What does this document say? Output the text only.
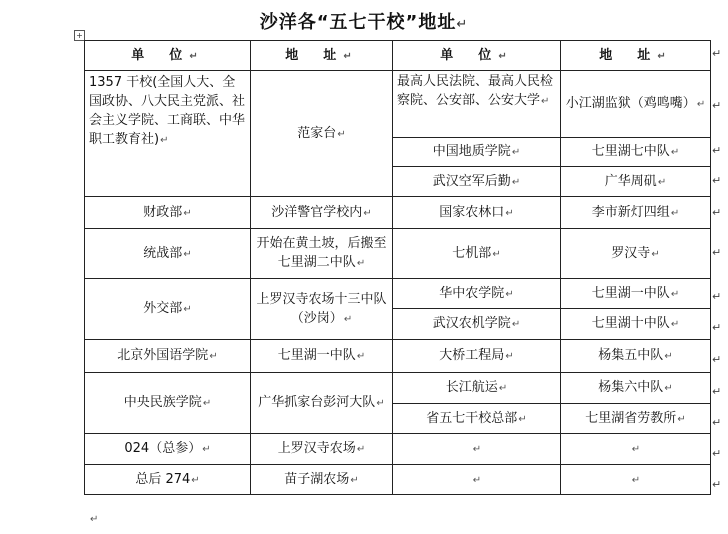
沙洋各“五七干校”地址↵
+
单　位↵	地　址↵	单　位↵	地　址↵
1357 干校(全国人大、全国政协、八大民主党派、社会主义学院、工商联、中华职工教育社)↵	范家台↵	最高人民法院、最高人民检察院、公安部、公安大学↵	小江湖监狱（鸡鸣嘴）↵
		中国地质学院↵	七里湖七中队↵
		武汉空军后勤↵	广华周矶↵
财政部↵	沙洋警官学校内↵	国家农林口↵	李市新灯四组↵
统战部↵	开始在黄土坡，后搬至七里湖二中队↵	七机部↵	罗汉寺↵
外交部↵	上罗汉寺农场十三中队（沙岗）↵	华中农学院↵	七里湖一中队↵
		武汉农机学院↵	七里湖十中队↵
北京外国语学院↵	七里湖一中队↵	大桥工程局↵	杨集五中队↵
中央民族学院↵	广华抓家台彭河大队↵	长江航运↵	杨集六中队↵
		省五七干校总部↵	七里湖省劳教所↵
024（总参）↵	上罗汉寺农场↵	↵	↵
总后 274↵	苗子湖农场↵	↵	↵
↵
↵
↵
↵
↵
↵
↵
↵
↵
↵
↵
↵
↵
↵
